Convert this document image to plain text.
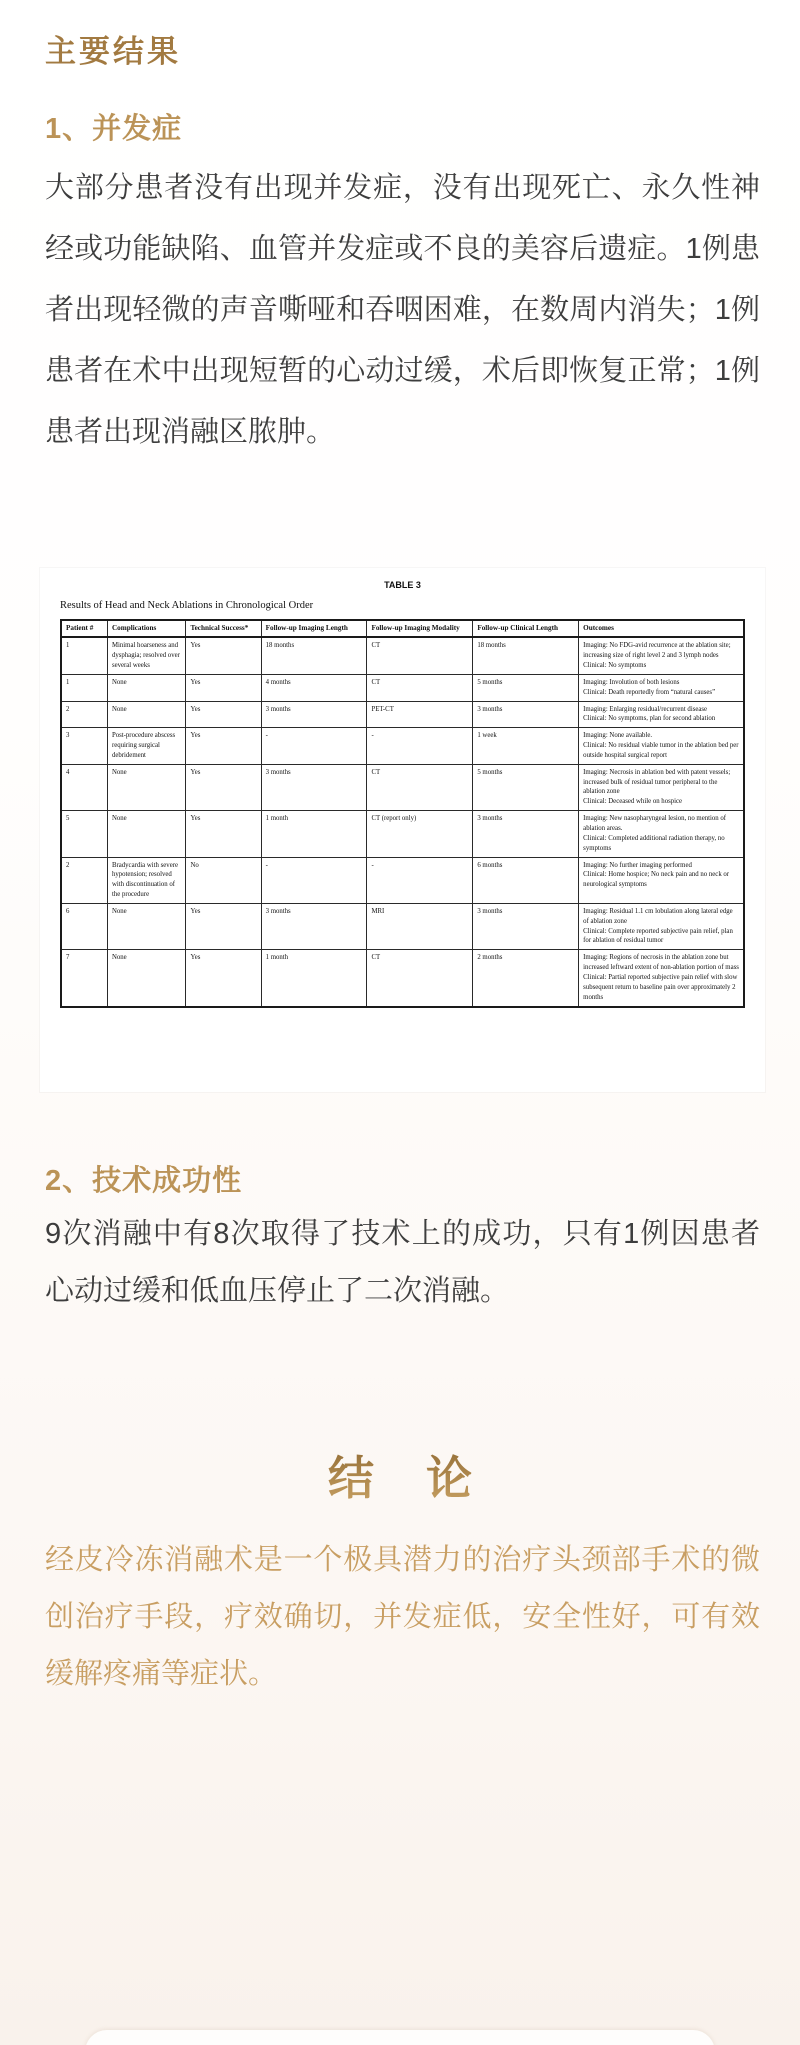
主要结果
1、并发症
大部分患者没有出现并发症，没有出现死亡、永久性神经或功能缺陷、血管并发症或不良的美容后遗症。1例患者出现轻微的声音嘶哑和吞咽困难，在数周内消失；1例患者在术中出现短暂的心动过缓，术后即恢复正常；1例患者出现消融区脓肿。
TABLE 3
Results of Head and Neck Ablations in Chronological Order
Patient #	Complications	Technical Success*	Follow-up Imaging Length	Follow-up Imaging Modality	Follow-up Clinical Length	Outcomes
1	Minimal hoarseness and dysphagia; resolved over several weeks	Yes	18 months	CT	18 months	Imaging: No FDG-avid recurrence at the ablation site; increasing size of right level 2 and 3 lymph nodes
Clinical: No symptoms

1	None	Yes	4 months	CT	5 months	Imaging: Involution of both lesions
Clinical: Death reportedly from “natural causes”

2	None	Yes	3 months	PET-CT	3 months	Imaging: Enlarging residual/recurrent disease
Clinical: No symptoms, plan for second ablation

3	Post-procedure abscess requiring surgical debridement	Yes	-	-	1 week	Imaging: None available.
Clinical: No residual viable tumor in the ablation bed per outside hospital surgical report

4	None	Yes	3 months	CT	5 months	Imaging: Necrosis in ablation bed with patent vessels; increased bulk of residual tumor peripheral to the ablation zone
Clinical: Deceased while on hospice

5	None	Yes	1 month	CT (report only)	3 months	Imaging: New nasopharyngeal lesion, no mention of ablation areas.
Clinical: Completed additional radiation therapy, no symptoms

2	Bradycardia with severe hypotension; resolved with discontinuation of the procedure	No	-	-	6 months	Imaging: No further imaging performed
Clinical: Home hospice; No neck pain and no neck or neurological symptoms

6	None	Yes	3 months	MRI	3 months	Imaging: Residual 1.1 cm lobulation along lateral edge of ablation zone
Clinical: Complete reported subjective pain relief, plan for ablation of residual tumor

7	None	Yes	1 month	CT	2 months	Imaging: Regions of necrosis in the ablation zone but increased leftward extent of non-ablation portion of mass
Clinical: Partial reported subjective pain relief with slow subsequent return to baseline pain over approximately 2 months
2、技术成功性
9次消融中有8次取得了技术上的成功，只有1例因患者心动过缓和低血压停止了二次消融。
结 论
经皮冷冻消融术是一个极具潜力的治疗头颈部手术的微创治疗手段，疗效确切，并发症低，安全性好，可有效缓解疼痛等症状。
